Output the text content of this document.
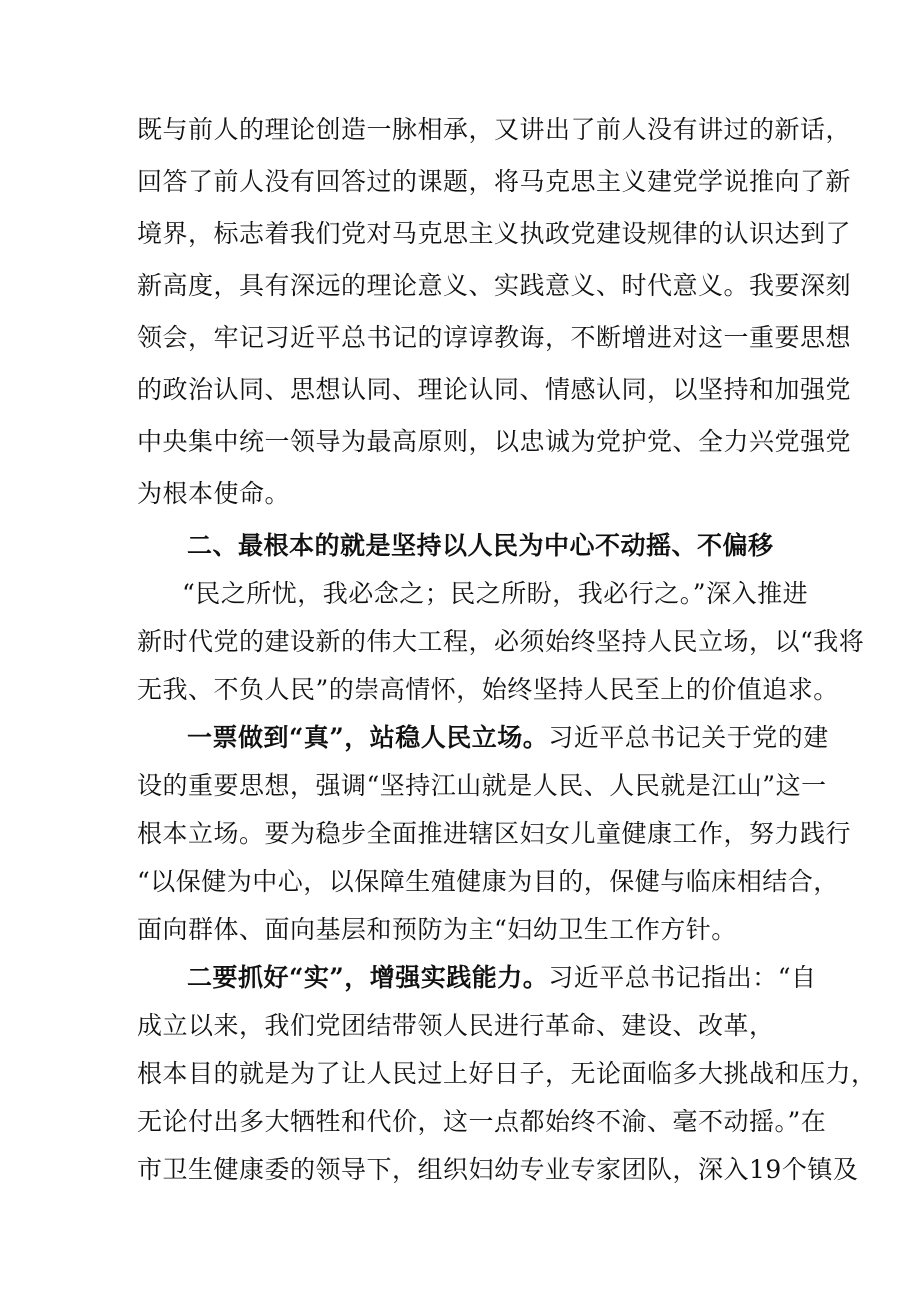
既与前人的理论创造一脉相承，又讲出了前人没有讲过的新话，
回答了前人没有回答过的课题，将马克思主义建党学说推向了新
境界，标志着我们党对马克思主义执政党建设规律的认识达到了
新高度，具有深远的理论意义、实践意义、时代意义。我要深刻
领会，牢记习近平总书记的谆谆教诲，不断增进对这一重要思想
的政治认同、思想认同、理论认同、情感认同，以坚持和加强党
中央集中统一领导为最高原则，以忠诚为党护党、全力兴党强党
为根本使命。
二、最根本的就是坚持以人民为中心不动摇、不偏移
“民之所忧，我必念之；民之所盼，我必行之。”深入推进
新时代党的建设新的伟大工程，必须始终坚持人民立场，以“我将
无我、不负人民”的崇高情怀，始终坚持人民至上的价值追求。
一票做到“真”，站稳人民立场。习近平总书记关于党的建
设的重要思想，强调“坚持江山就是人民、人民就是江山”这一
根本立场。要为稳步全面推进辖区妇女儿童健康工作，努力践行
“以保健为中心，以保障生殖健康为目的，保健与临床相结合，
面向群体、面向基层和预防为主“妇幼卫生工作方针。
二要抓好“实”，增强实践能力。习近平总书记指出：“自
成立以来，我们党团结带领人民进行革命、建设、改革，
根本目的就是为了让人民过上好日子，无论面临多大挑战和压力，
无论付出多大牺牲和代价，这一点都始终不渝、毫不动摇。”在
市卫生健康委的领导下，组织妇幼专业专家团队，深入19个镇及
